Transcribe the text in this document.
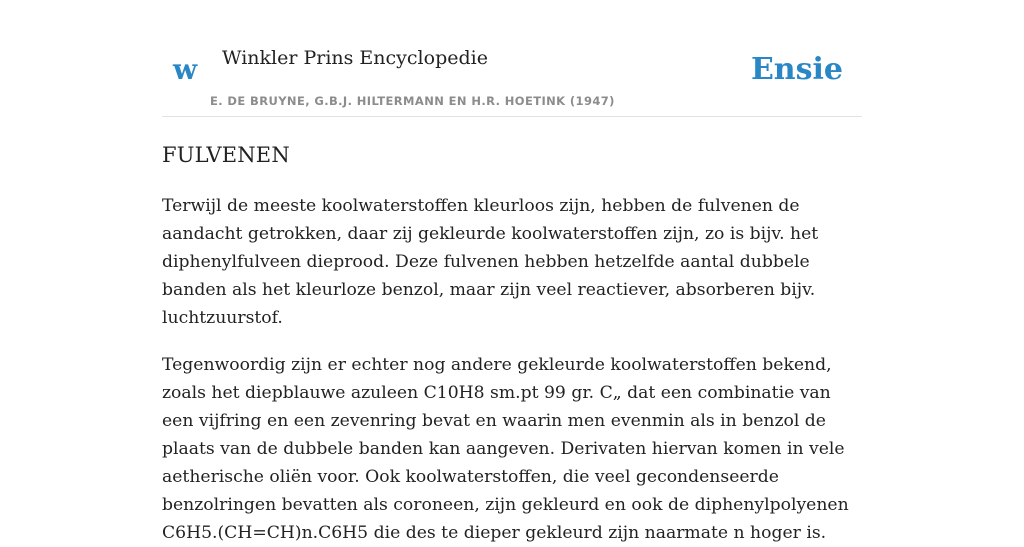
w Winkler Prins Encyclopedie
E. DE BRUYNE, G.B.J. HILTERMANN EN H.R. HOETINK (1947)
Ensie
FULVENEN

Terwijl de meeste koolwaterstoffen kleurloos zijn, hebben de fulvenen de aandacht getrokken, daar zij gekleurde koolwaterstoffen zijn, zo is bijv. het diphenylfulveen dieprood. Deze fulvenen hebben hetzelfde aantal dubbele banden als het kleurloze benzol, maar zijn veel reactiever, absorberen bijv. luchtzuurstof.

Tegenwoordig zijn er echter nog andere gekleurde koolwaterstoffen bekend, zoals het diepblauwe azuleen C10H8 sm.pt 99 gr. C„ dat een combinatie van een vijfring en een zevenring bevat en waarin men evenmin als in benzol de plaats van de dubbele banden kan aangeven. Derivaten hiervan komen in vele aetherische oliën voor. Ook koolwaterstoffen, die veel gecondenseerde benzolringen bevatten als coroneen, zijn gekleurd en ook de diphenylpolyenen C6H5.(CH=CH)n.C6H5 die des te dieper gekleurd zijn naarmate n hoger is.
